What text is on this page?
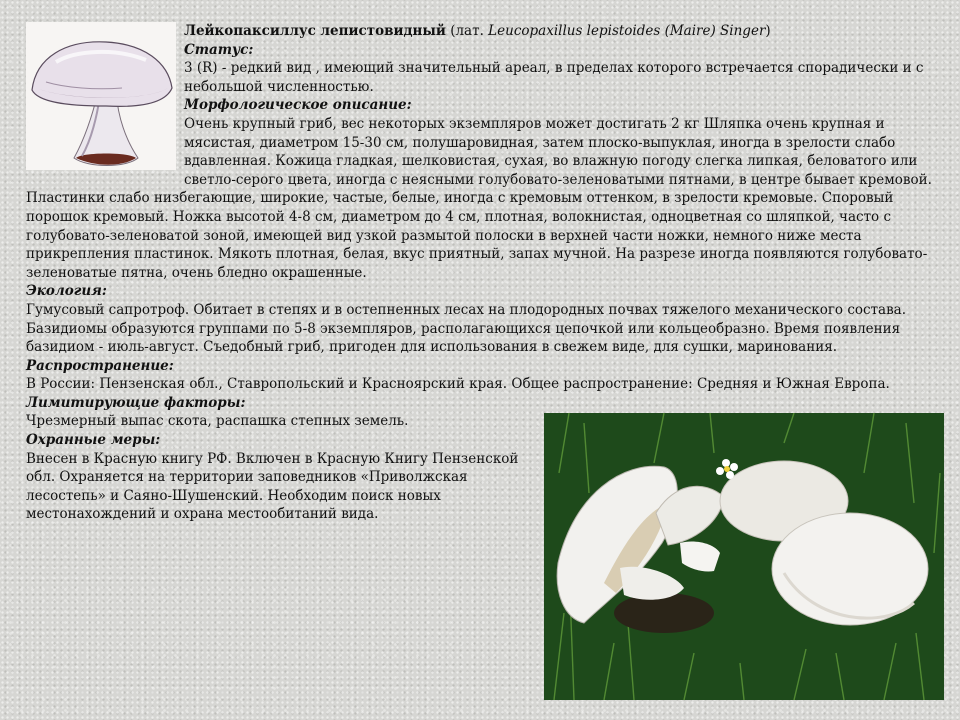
Лейкопаксиллус лепистовидный (лат. Leucopaxillus lepistoides (Maire) Singer)

Статус:

3 (R) - редкий вид , имеющий значительный ареал, в пределах которого встречается спорадически и с небольшой численностью.

Морфологическое описание:

Очень крупный гриб, вес некоторых экземпляров может достигать 2 кг Шляпка очень крупная и мясистая, диаметром 15-30 см, полушаровидная, затем плоско-выпуклая, иногда в зрелости слабо вдавленная. Кожица гладкая, шелковистая, сухая, во влажную погоду слегка липкая, беловатого или светло-серого цвета, иногда с неясными голубовато-зеленоватыми пятнами, в центре бывает кремовой. Пластинки слабо низбегающие, широкие, частые, белые, иногда с кремовым оттенком, в зрелости кремовые. Споровый порошок кремовый. Ножка высотой 4-8 см, диаметром до 4 см, плотная, волокнистая, одноцветная со шляпкой, часто с голубовато-зеленоватой зоной, имеющей вид узкой размытой полоски в верхней части ножки, немного ниже места прикрепления пластинок. Мякоть плотная, белая, вкус приятный, запах мучной. На разрезе иногда появляются голубовато-зеленоватые пятна, очень бледно окрашенные.

Экология:

Гумусовый сапротроф. Обитает в степях и в остепненных лесах на плодородных почвах тяжелого механического состава. Базидиомы образуются группами по 5-8 экземпляров, располагающихся цепочкой или кольцеобразно. Время появления базидиом - июль-август. Съедобный гриб, пригоден для использования в свежем виде, для сушки, маринования.

Распространение:

В России: Пензенская обл., Ставропольский и Красноярский края. Общее распространение: Средняя и Южная Европа.

Лимитирующие факторы:

Чрезмерный выпас скота, распашка степных земель.

Охранные меры:

Внесен в Красную книгу РФ. Включен в Красную Книгу Пензенской обл. Охраняется на территории заповедников «Приволжская лесостепь» и Саяно-Шушенский. Необходим поиск новых местонахождений и охрана местообитаний вида.
